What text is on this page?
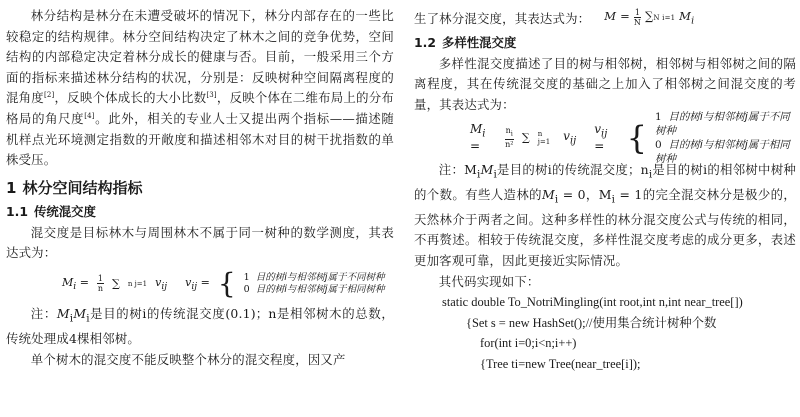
林分结构是林分在未遭受破坏的情况下，林分内部存在的一些比较稳定的结构规律。林分空间结构决定了林木之间的竞争优势，空间结构的内部稳定决定着林分成长的健康与否。目前，一般采用三个方面的指标来描述林分结构的状况，分别是：反映树种空间隔离程度的混角度[2]，反映个体成长的大小比数[3]，反映个体在二维布局上的分布格局的角尺度[4]。此外，相关的专业人士又提出两个指标——描述随机样点光环境测定指数的开敞度和描述相邻木对目的树干扰指数的单株受压。

1 林分空间结构指标
1.1 传统混交度

混交度是目标林木与周围林木不属于同一树种的数学测度，其表达式为：

$M_i = \frac{1}{n}$ ∑ n j=1 $v_{ij}$ $v_{ij}$ = { 1 目的树i与相邻树j属于不同树种
0 目的树i与相邻树j属于相同树种

注：$M_iM_i$是目的树i的传统混交度(0.1)；n是相邻树木的总数，传统处理成4棵相邻树。

单个树木的混交度不能反映整个林分的混交程度，因又产

生了林分混交度，其表达式为： $M = \frac{1}{N} \sum N$ i=1 $M_i$

1.2 多样性混交度

多样性混交度描述了目的树与相邻树，相邻树与相邻树之间的隔离程度，其在传统混交度的基础之上加入了相邻树之间混交度的考量，其表达式为：

$M_i$ =	$\frac{n_i}{\text{n²}}$ ∑ n j=1	$v_{ij}$
$v_{ij}$ = {
1 目的树i与相邻树j属于不同树种
0 目的树i与相邻树j属于相同树种

注：$M_iM_i$是目的树i的传统混交度；$n_i$是目的树i的相邻树中树种的个数。有些人造林的$M_i = 0$，$M_i = 1$的完全混交林分是极少的，天然林介于两者之间。这种多样性的林分混交度公式与传统的相同，不再赘述。相较于传统混交度，多样性混交度考虑的成分更多，表述更加客观可靠，因此更接近实际情况。

其代码实现如下：

static double To_NotriMingling(int root,int n,int near_tree[])

{Set s = new HashSet();//使用集合统计树种个数

for(int i=0;i<n;i++)

{Tree ti=new Tree(near_tree[i]);
